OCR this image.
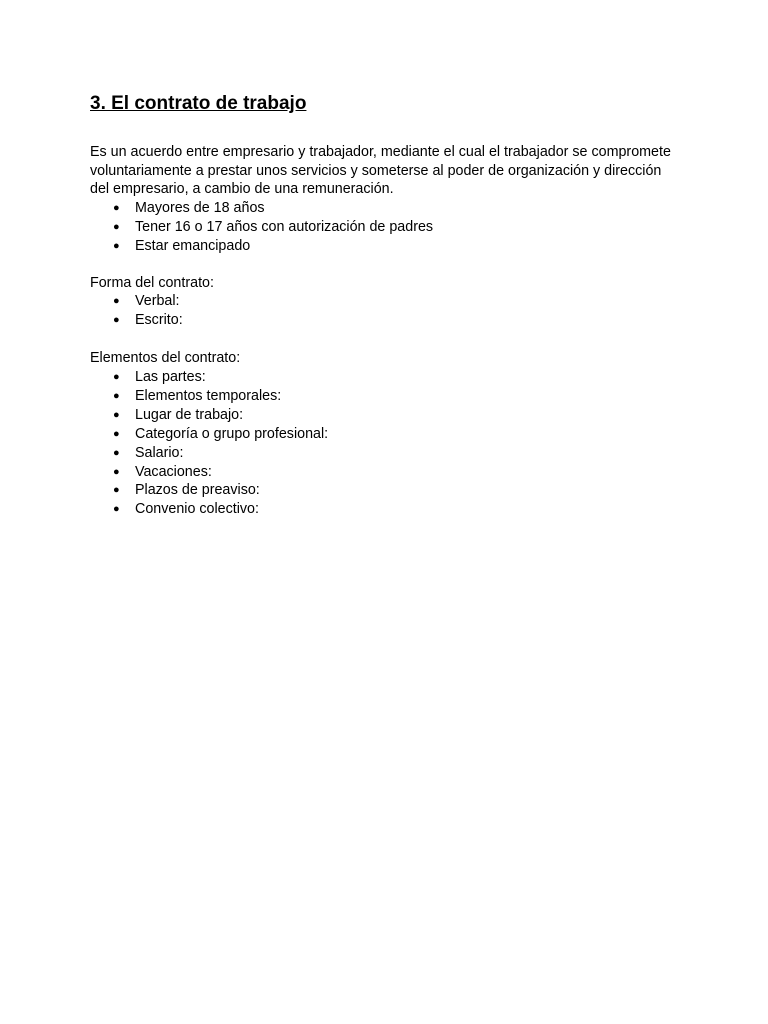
3. El contrato de trabajo

Es un acuerdo entre empresario y trabajador, mediante el cual el trabajador se compromete voluntariamente a prestar unos servicios y someterse al poder de organización y dirección del empresario, a cambio de una remuneración.

● Mayores de 18 años
● Tener 16 o 17 años con autorización de padres
● Estar emancipado
Forma del contrato:
● Verbal:
● Escrito:
Elementos del contrato:
● Las partes:
● Elementos temporales:
● Lugar de trabajo:
● Categoría o grupo profesional:
● Salario:
● Vacaciones:
● Plazos de preaviso:
● Convenio colectivo:
